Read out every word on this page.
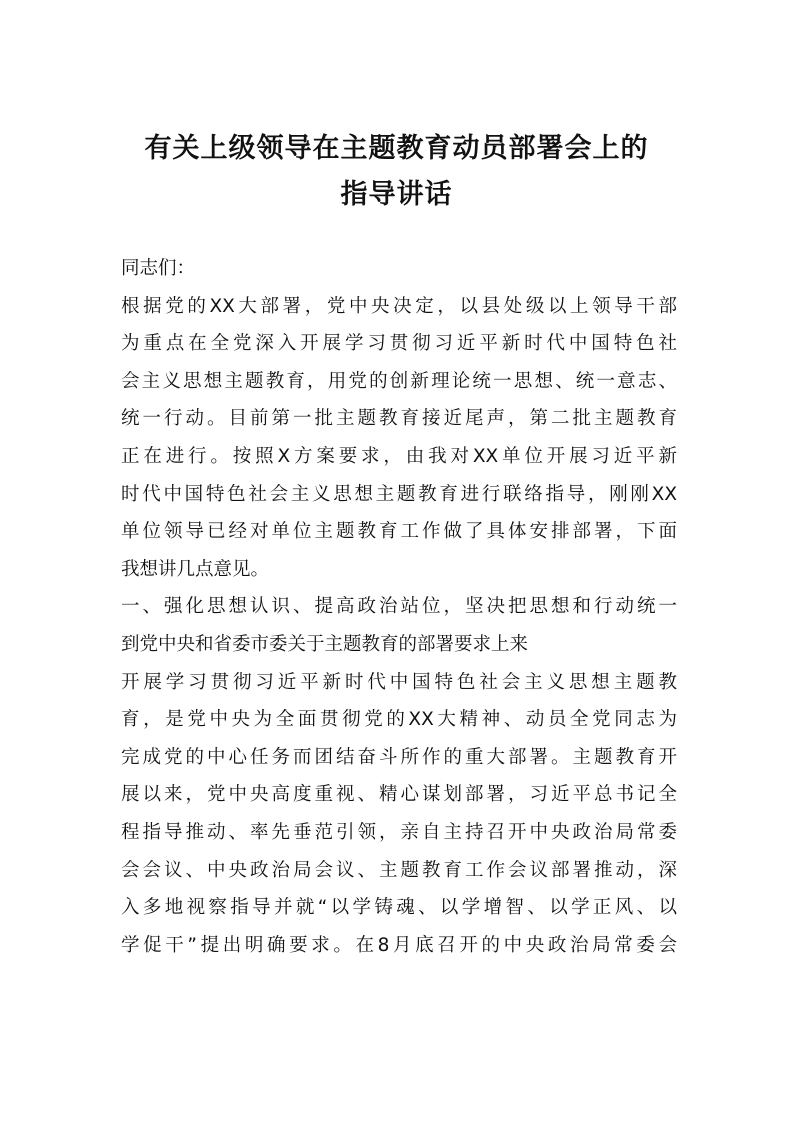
有关上级领导在主题教育动员部署会上的
指导讲话
同志们：
根据党的XX大部署，党中央决定，以县处级以上领导干部
为重点在全党深入开展学习贯彻习近平新时代中国特色社
会主义思想主题教育，用党的创新理论统一思想、统一意志、
统一行动。目前第一批主题教育接近尾声，第二批主题教育
正在进行。按照X方案要求，由我对XX单位开展习近平新
时代中国特色社会主义思想主题教育进行联络指导，刚刚XX
单位领导已经对单位主题教育工作做了具体安排部署，下面
我想讲几点意见。
一、强化思想认识、提高政治站位，坚决把思想和行动统一
到党中央和省委市委关于主题教育的部署要求上来
开展学习贯彻习近平新时代中国特色社会主义思想主题教
育，是党中央为全面贯彻党的XX大精神、动员全党同志为
完成党的中心任务而团结奋斗所作的重大部署。主题教育开
展以来，党中央高度重视、精心谋划部署，习近平总书记全
程指导推动、率先垂范引领，亲自主持召开中央政治局常委
会会议、中央政治局会议、主题教育工作会议部署推动，深
入多地视察指导并就“以学铸魂、以学增智、以学正风、以
学促干”提出明确要求。在8月底召开的中央政治局常委会
